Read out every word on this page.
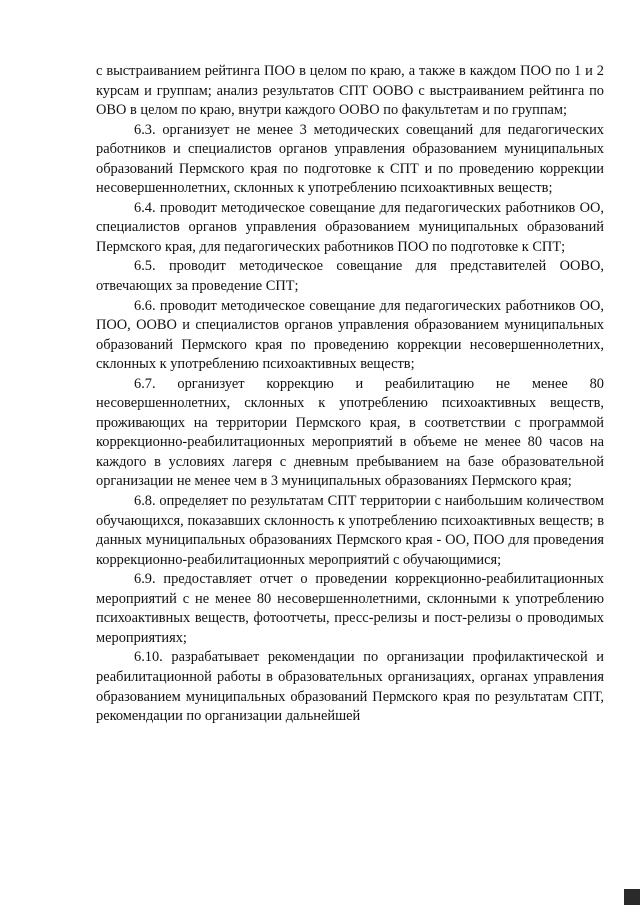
с выстраиванием рейтинга ПОО в целом по краю, а также в каждом ПОО по 1 и 2 курсам и группам; анализ результатов СПТ ООВО с выстраиванием рейтинга по ОВО в целом по краю, внутри каждого ООВО по факультетам и по группам;

6.3. организует не менее 3 методических совещаний для педагогических работников и специалистов органов управления образованием муниципальных образований Пермского края по подготовке к СПТ и по проведению коррекции несовершеннолетних, склонных к употреблению психоактивных веществ;

6.4. проводит методическое совещание для педагогических работников ОО, специалистов органов управления образованием муниципальных образований Пермского края, для педагогических работников ПОО по подготовке к СПТ;

6.5. проводит методическое совещание для представителей ООВО, отвечающих за проведение СПТ;

6.6. проводит методическое совещание для педагогических работников ОО, ПОО, ООВО и специалистов органов управления образованием муниципальных образований Пермского края по проведению коррекции несовершеннолетних, склонных к употреблению психоактивных веществ;

6.7. организует коррекцию и реабилитацию не менее 80 несовершеннолетних, склонных к употреблению психоактивных веществ, проживающих на территории Пермского края, в соответствии с программой коррекционно-реабилитационных мероприятий в объеме не менее 80 часов на каждого в условиях лагеря с дневным пребыванием на базе образовательной организации не менее чем в 3 муниципальных образованиях Пермского края;

6.8. определяет по результатам СПТ территории с наибольшим количеством обучающихся, показавших склонность к употреблению психоактивных веществ; в данных муниципальных образованиях Пермского края - ОО, ПОО для проведения коррекционно-реабилитационных мероприятий с обучающимися;

6.9. предоставляет отчет о проведении коррекционно-реабилитационных мероприятий с не менее 80 несовершеннолетними, склонными к употреблению психоактивных веществ, фотоотчеты, пресс-релизы и пост-релизы о проводимых мероприятиях;

6.10. разрабатывает рекомендации по организации профилактической и реабилитационной работы в образовательных организациях, органах управления образованием муниципальных образований Пермского края по результатам СПТ, рекомендации по организации дальнейшей
